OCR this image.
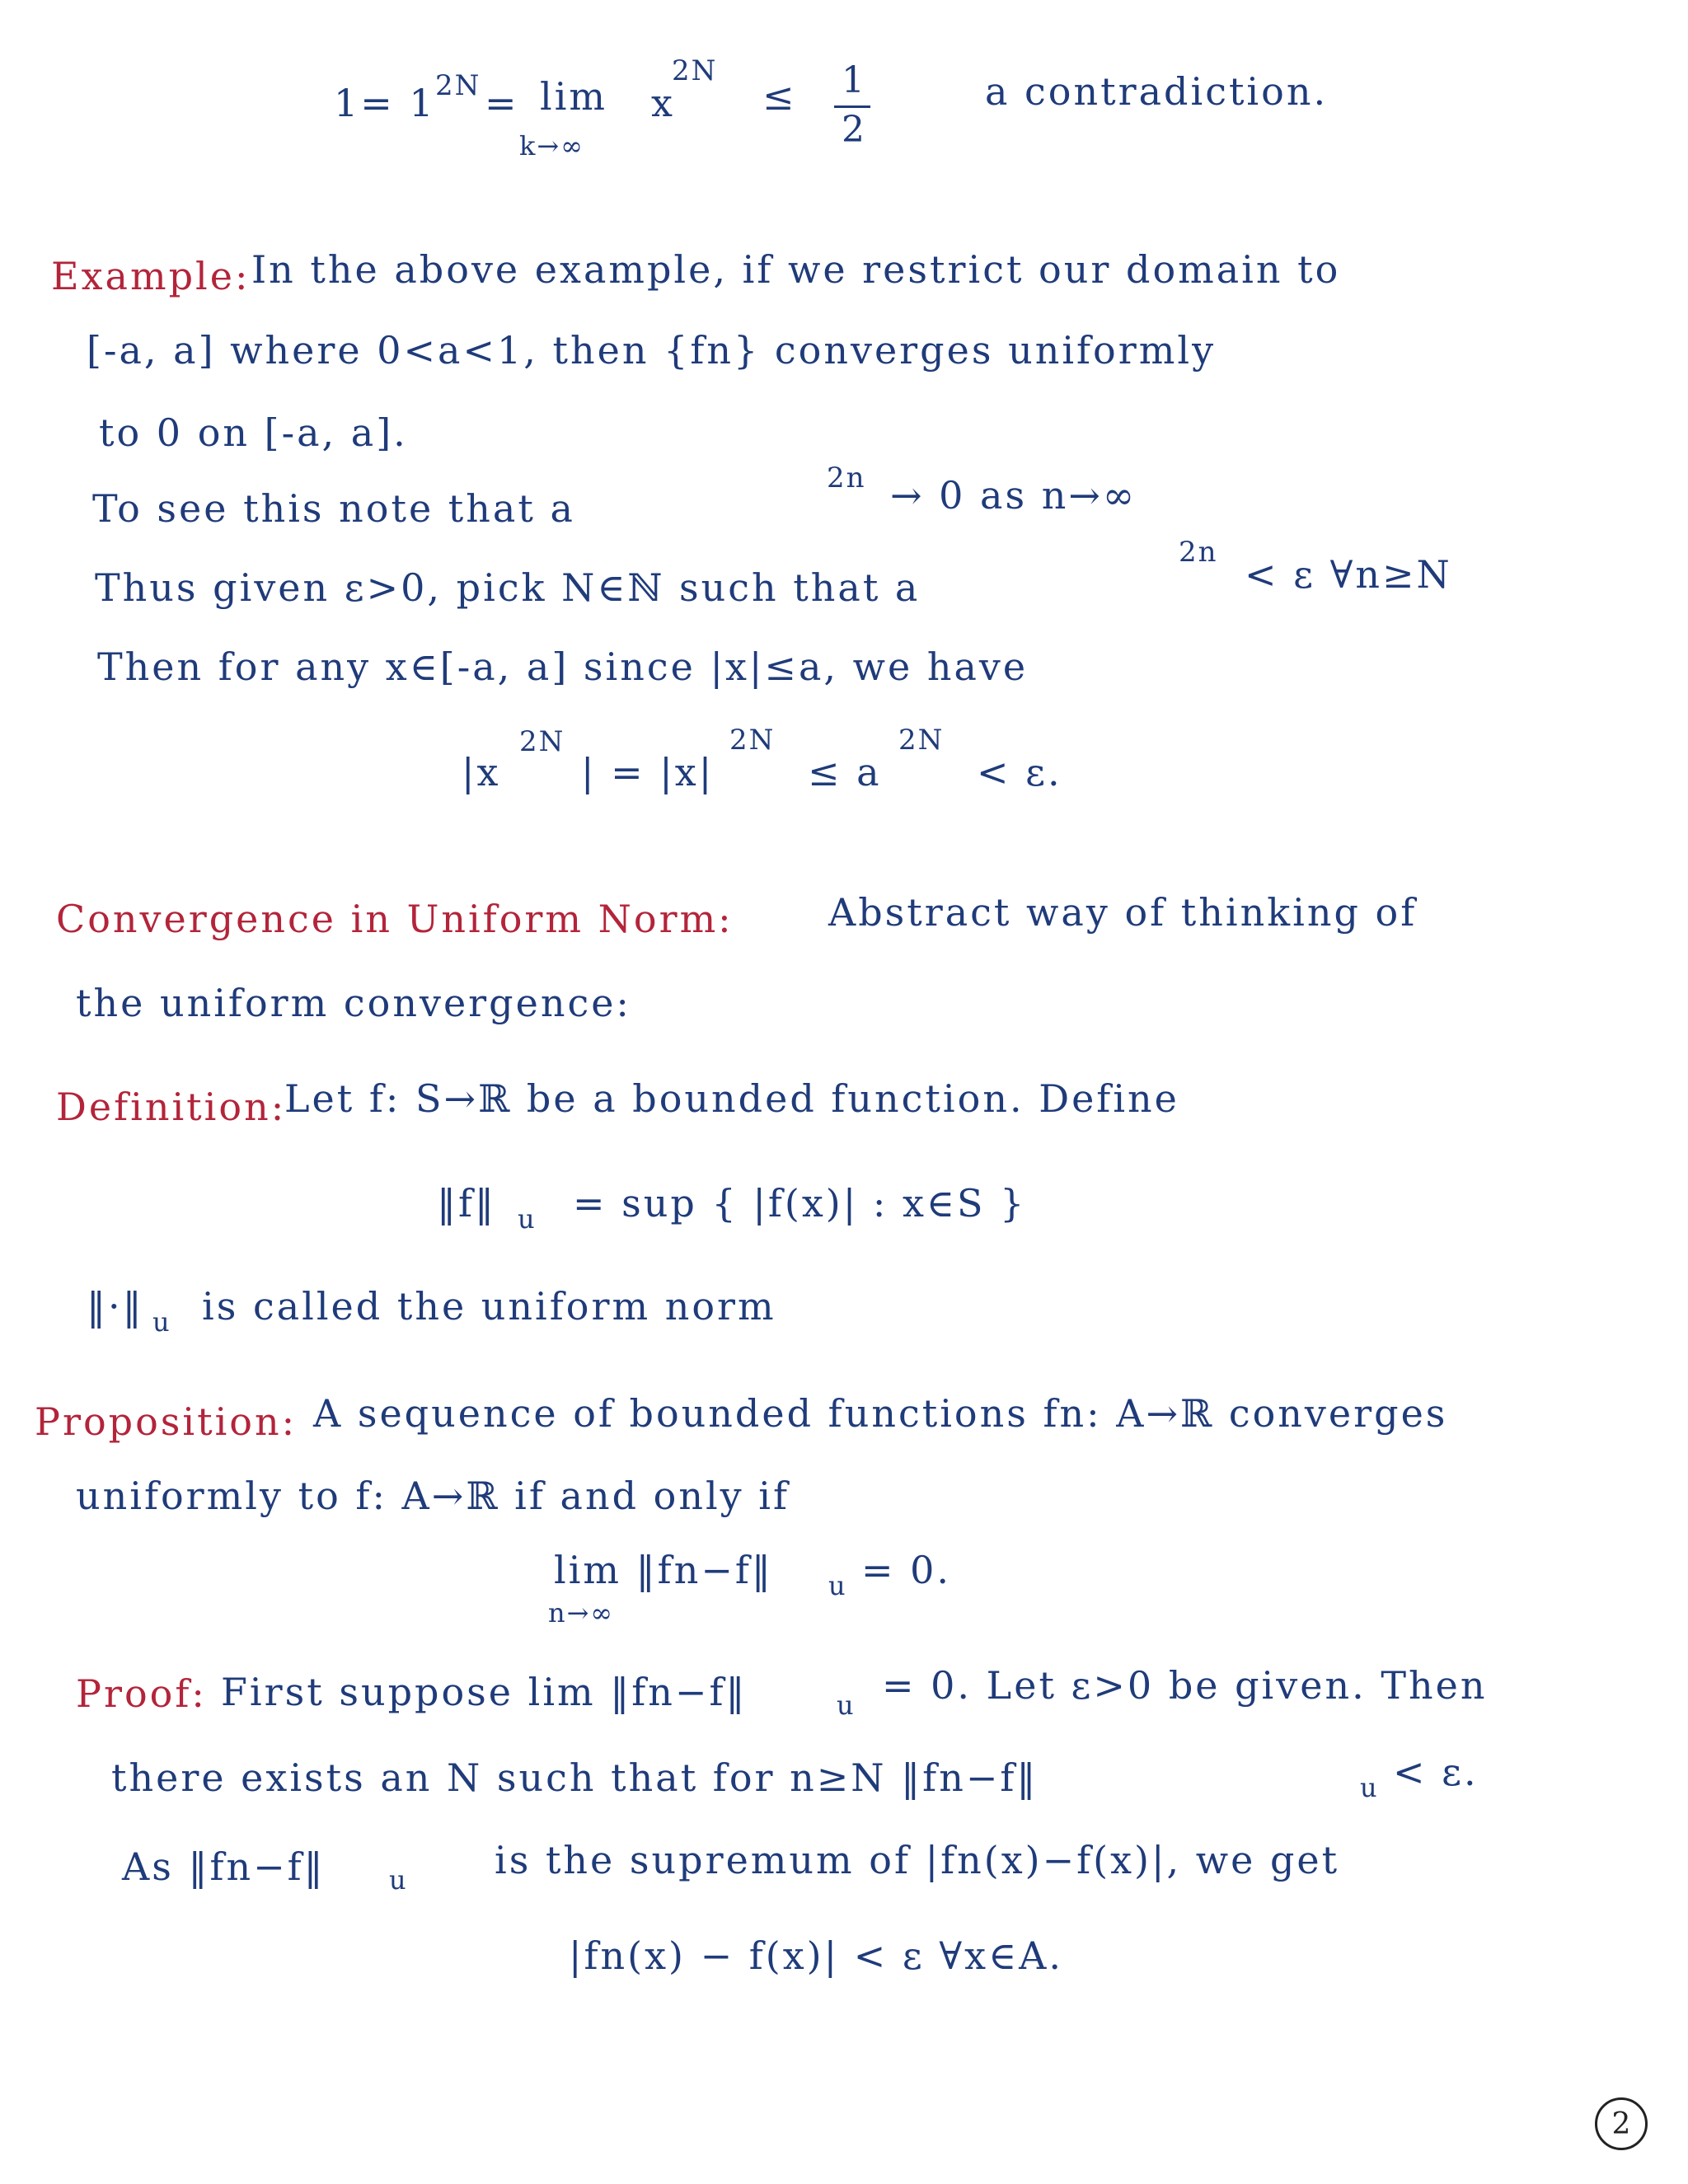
1= 1 2N = lim
k→∞
x
2N
≤ 1
2
a contradiction.
Example: In the above example, if we restrict our domain to
[-a, a] where 0<a<1, then {fn} converges uniformly
to 0 on [-a, a].
To see this note that a
2n → 0 as n→∞
Thus given ε>0, pick N∈ℕ such that a
2n < ε ∀n≥N
Then for any x∈[-a, a] since |x|≤a, we have
|x
2N
| = |x|
2N
≤ a
2N
< ε.
Convergence in Uniform Norm:	Abstract way of thinking of
the uniform convergence:
Definition:
Let f: S→ℝ be a bounded function. Define
‖f‖ u = sup { |f(x)| : x∈S }
‖·‖ u is called the uniform norm
Proposition: A sequence of bounded functions fn: A→ℝ converges
uniformly to f: A→ℝ if and only if
lim ‖fn−f‖ u = 0.
n→∞
Proof: First suppose lim ‖fn−f‖	u = 0. Let ε>0 be given. Then
there exists an N such that for n≥N ‖fn−f‖	u < ε.
As ‖fn−f‖ u is the supremum of |fn(x)−f(x)|, we get
|fn(x) − f(x)| < ε ∀x∈A.
2
